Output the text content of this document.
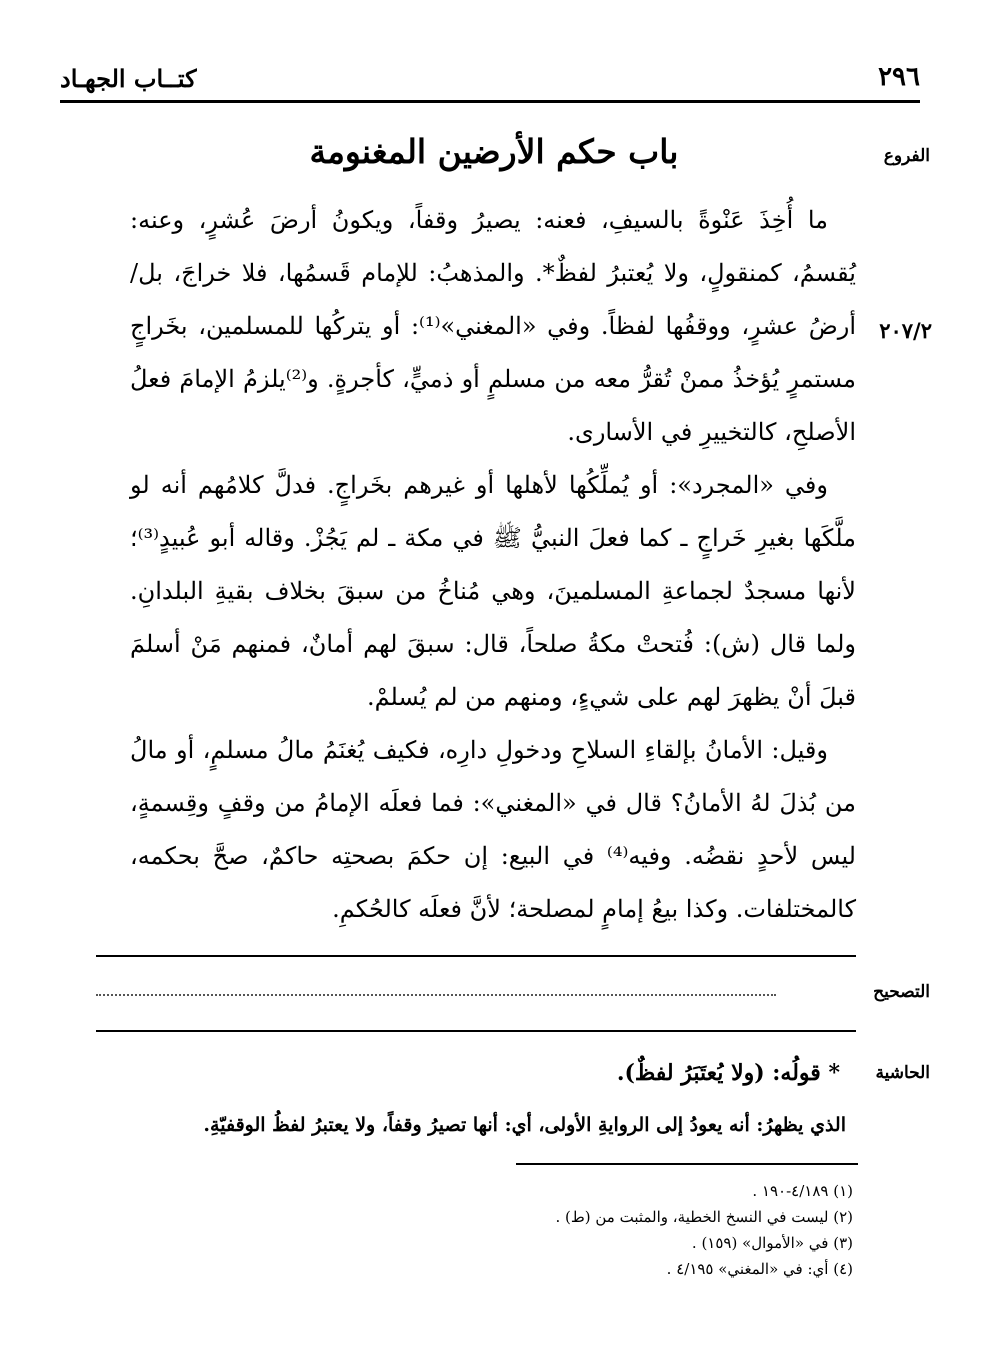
٢٩٦
كتــاب الجهـاد
الفروع
٢٠٧/٢
التصحيح
الحاشية
باب حكم الأرضين المغنومة

ما أُخِذَ عَنْوةً بالسيفِ، فعنه: يصيرُ وقفاً، ويكونُ أرضَ عُشرٍ، وعنه: يُقسمُ، كمنقولٍ، ولا يُعتبرُ لفظٌ*. والمذهبُ: للإمام قَسمُها، فلا خراجَ، بل/ أرضُ عشرٍ، ووقفُها لفظاً. وفي «المغني»⁽¹⁾: أو يتركُها للمسلمين، بخَراجٍ مستمرٍ يُؤخذُ ممنْ تُقرُّ معه من مسلمٍ أو ذميٍّ، كأجرةٍ. و⁽²⁾يلزمُ الإمامَ فعلُ الأصلحِ، كالتخييرِ في الأسارى.

وفي «المجرد»: أو يُملِّكُها لأهلها أو غيرهم بخَراجٍ. فدلَّ كلامُهم أنه لو ملَّكَها بغيرِ خَراجٍ ـ كما فعلَ النبيُّ ﷺ في مكة ـ لم يَجُزْ. وقاله أبو عُبيدٍ⁽³⁾؛ لأنها مسجدٌ لجماعةِ المسلمينَ، وهي مُناخُ من سبقَ بخلاف بقيةِ البلدانِ. ولما قال (ش): فُتحتْ مكةُ صلحاً، قال: سبقَ لهم أمانٌ، فمنهم مَنْ أسلمَ قبلَ أنْ يظهرَ لهم على شيءٍ، ومنهم من لم يُسلمْ.

وقيل: الأمانُ بإلقاءِ السلاحِ ودخولِ دارِه، فكيف يُغنَمُ مالُ مسلمٍ، أو مالُ من بُذلَ لهُ الأمانُ؟ قال في «المغني»: فما فعلَه الإمامُ من وقفٍ وقِسمةٍ، ليس لأحدٍ نقضُه. وفيه⁽⁴⁾ في البيع: إن حكمَ بصحتِه حاكمٌ، صحَّ بحكمه، كالمختلفات. وكذا بيعُ إمامٍ لمصلحة؛ لأنَّ فعلَه كالحُكمِ.

* قولُه: (ولا يُعتَبَرُ لفظٌ).
الذي يظهرُ: أنه يعودُ إلى الروايةِ الأولى، أي: أنها تصيرُ وقفاً، ولا يعتبرُ لفظُ الوقفيّةِ.
(١) ٤/١٨٩-١٩٠ .
(٢) ليست في النسخ الخطية، والمثبت من (ط) .
(٣) في «الأموال» (١٥٩) .
(٤) أي: في «المغني» ٤/١٩٥ .
